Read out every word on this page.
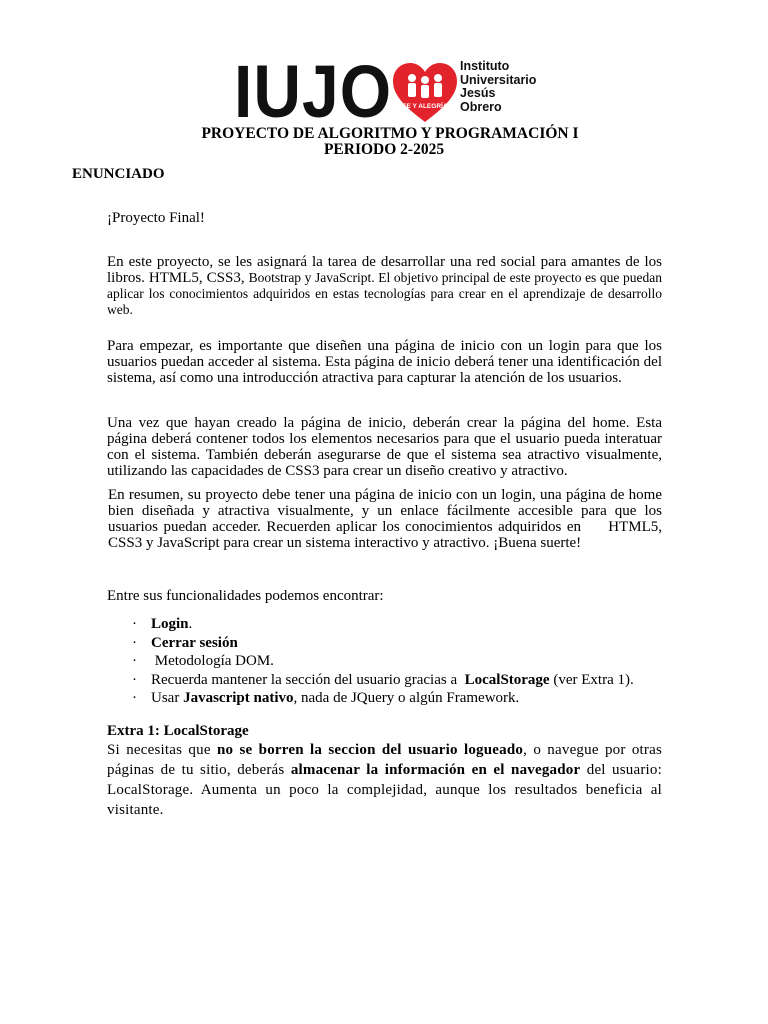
IUJO FE Y ALEGRÍA
Instituto
Universitario
Jesús
Obrero
PROYECTO DE ALGORITMO Y PROGRAMACIÓN I
PERIODO 2-2025
ENUNCIADO
¡Proyecto Final!
En este proyecto, se les asignará la tarea de desarrollar una red social para amantes de los libros. HTML5, CSS3, Bootstrap y JavaScript. El objetivo principal de este proyecto es que puedan aplicar los conocimientos adquiridos en estas tecnologías para crear en el aprendizaje de desarrollo web.
Para empezar, es importante que diseñen una página de inicio con un login para que los usuarios puedan acceder al sistema. Esta página de inicio deberá tener una identificación del sistema, así como una introducción atractiva para capturar la atención de los usuarios.
Una vez que hayan creado la página de inicio, deberán crear la página del home. Esta página deberá contener todos los elementos necesarios para que el usuario pueda interatuar con el sistema. También deberán asegurarse de que el sistema sea atractivo visualmente, utilizando las capacidades de CSS3 para crear un diseño creativo y atractivo.
En resumen, su proyecto debe tener una página de inicio con un login, una página de home bien diseñada y atractiva visualmente, y un enlace fácilmente accesible para que los usuarios puedan acceder. Recuerden aplicar los conocimientos adquiridos en     HTML5, CSS3 y JavaScript para crear un sistema interactivo y atractivo. ¡Buena suerte!
Entre sus funcionalidades podemos encontrar:
· Login.
· Cerrar sesión
· Metodología DOM.
· Recuerda mantener la sección del usuario gracias a  LocalStorage (ver Extra 1).
· Usar Javascript nativo, nada de JQuery o algún Framework.
Extra 1: LocalStorage
Si necesitas que no se borren la seccion del usuario logueado, o navegue por otras páginas de tu sitio, deberás almacenar la información en el navegador del usuario: LocalStorage. Aumenta un poco la complejidad, aunque los resultados beneficia al visitante.
